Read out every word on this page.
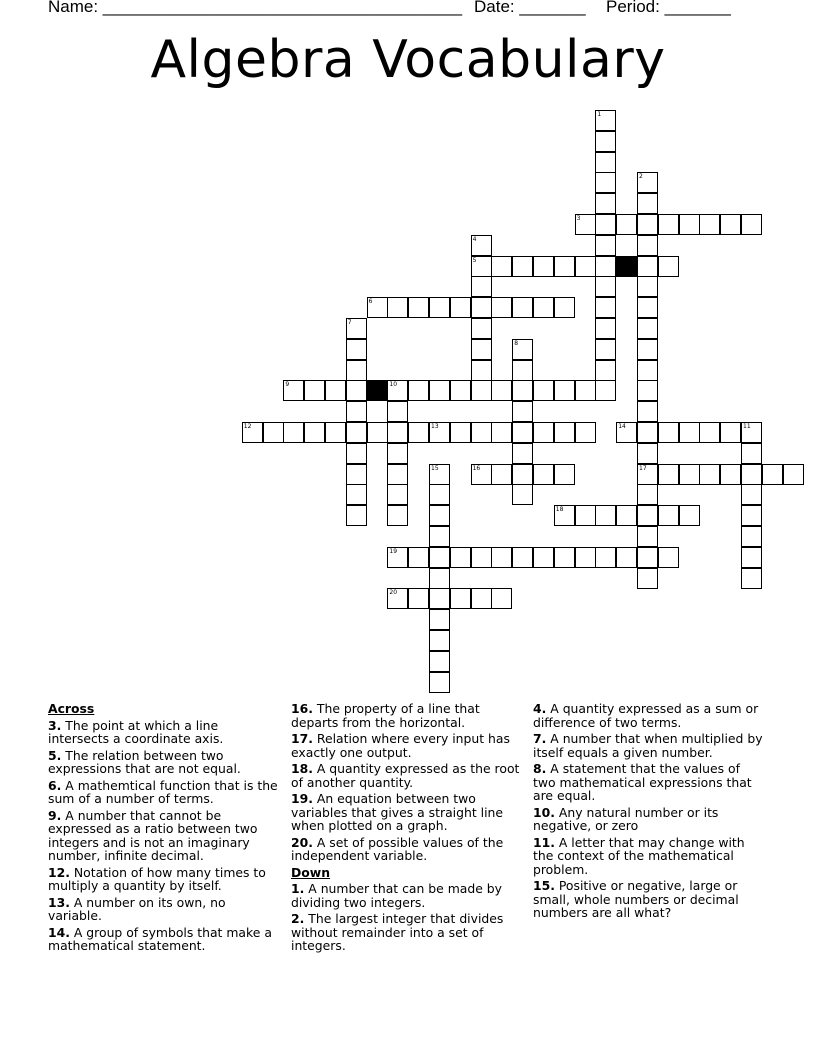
Name: ______________________________________ Date: _______ Period: _______
Algebra Vocabulary
1
2
17
3
4
5
6
7
8
9	10
11
12	13	14
15	16
18
19
20
Across
3. The point at which a line intersects a coordinate axis.
5. The relation between two expressions that are not equal.
6. A mathemtical function that is the sum of a number of terms.
9. A number that cannot be expressed as a ratio between two integers and is not an imaginary number, infinite decimal.
12. Notation of how many times to multiply a quantity by itself.
13. A number on its own, no variable.
14. A group of symbols that make a mathematical statement.
16. The property of a line that departs from the horizontal.
17. Relation where every input has exactly one output.
18. A quantity expressed as the root of another quantity.
19. An equation between two variables that gives a straight line when plotted on a graph.
20. A set of possible values of the independent variable.
Down
1. A number that can be made by dividing two integers.
2. The largest integer that divides without remainder into a set of integers.
4. A quantity expressed as a sum or difference of two terms.
7. A number that when multiplied by itself equals a given number.
8. A statement that the values of two mathematical expressions that are equal.
10. Any natural number or its negative, or zero
11. A letter that may change with the context of the mathematical problem.
15. Positive or negative, large or small, whole numbers or decimal numbers are all what?
